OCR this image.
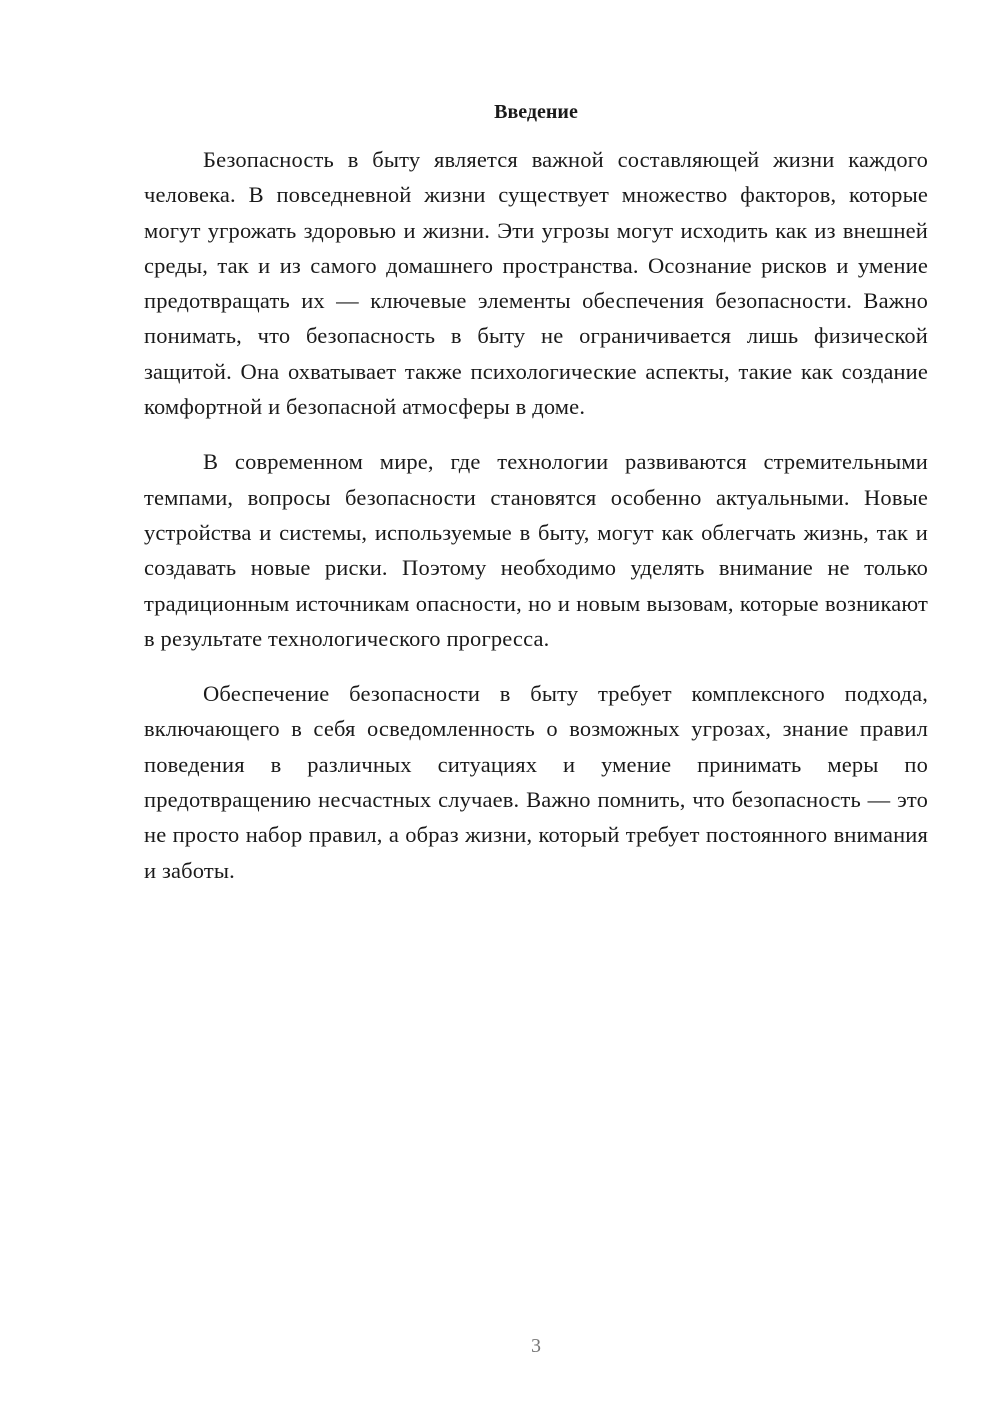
Введение

Безопасность в быту является важной составляющей жизни каждого человека. В повседневной жизни существует множество факторов, которые могут угрожать здоровью и жизни. Эти угрозы могут исходить как из внешней среды, так и из самого домашнего пространства. Осознание рисков и умение предотвращать их — ключевые элементы обеспечения безопасности. Важно понимать, что безопасность в быту не ограничивается лишь физической защитой. Она охватывает также психологические аспекты, такие как создание комфортной и безопасной атмосферы в доме.

В современном мире, где технологии развиваются стремительными темпами, вопросы безопасности становятся особенно актуальными. Новые устройства и системы, используемые в быту, могут как облегчать жизнь, так и создавать новые риски. Поэтому необходимо уделять внимание не только традиционным источникам опасности, но и новым вызовам, которые возникают в результате технологического прогресса.

Обеспечение безопасности в быту требует комплексного подхода, включающего в себя осведомленность о возможных угрозах, знание правил поведения в различных ситуациях и умение принимать меры по предотвращению несчастных случаев. Важно помнить, что безопасность — это не просто набор правил, а образ жизни, который требует постоянного внимания и заботы.

3
